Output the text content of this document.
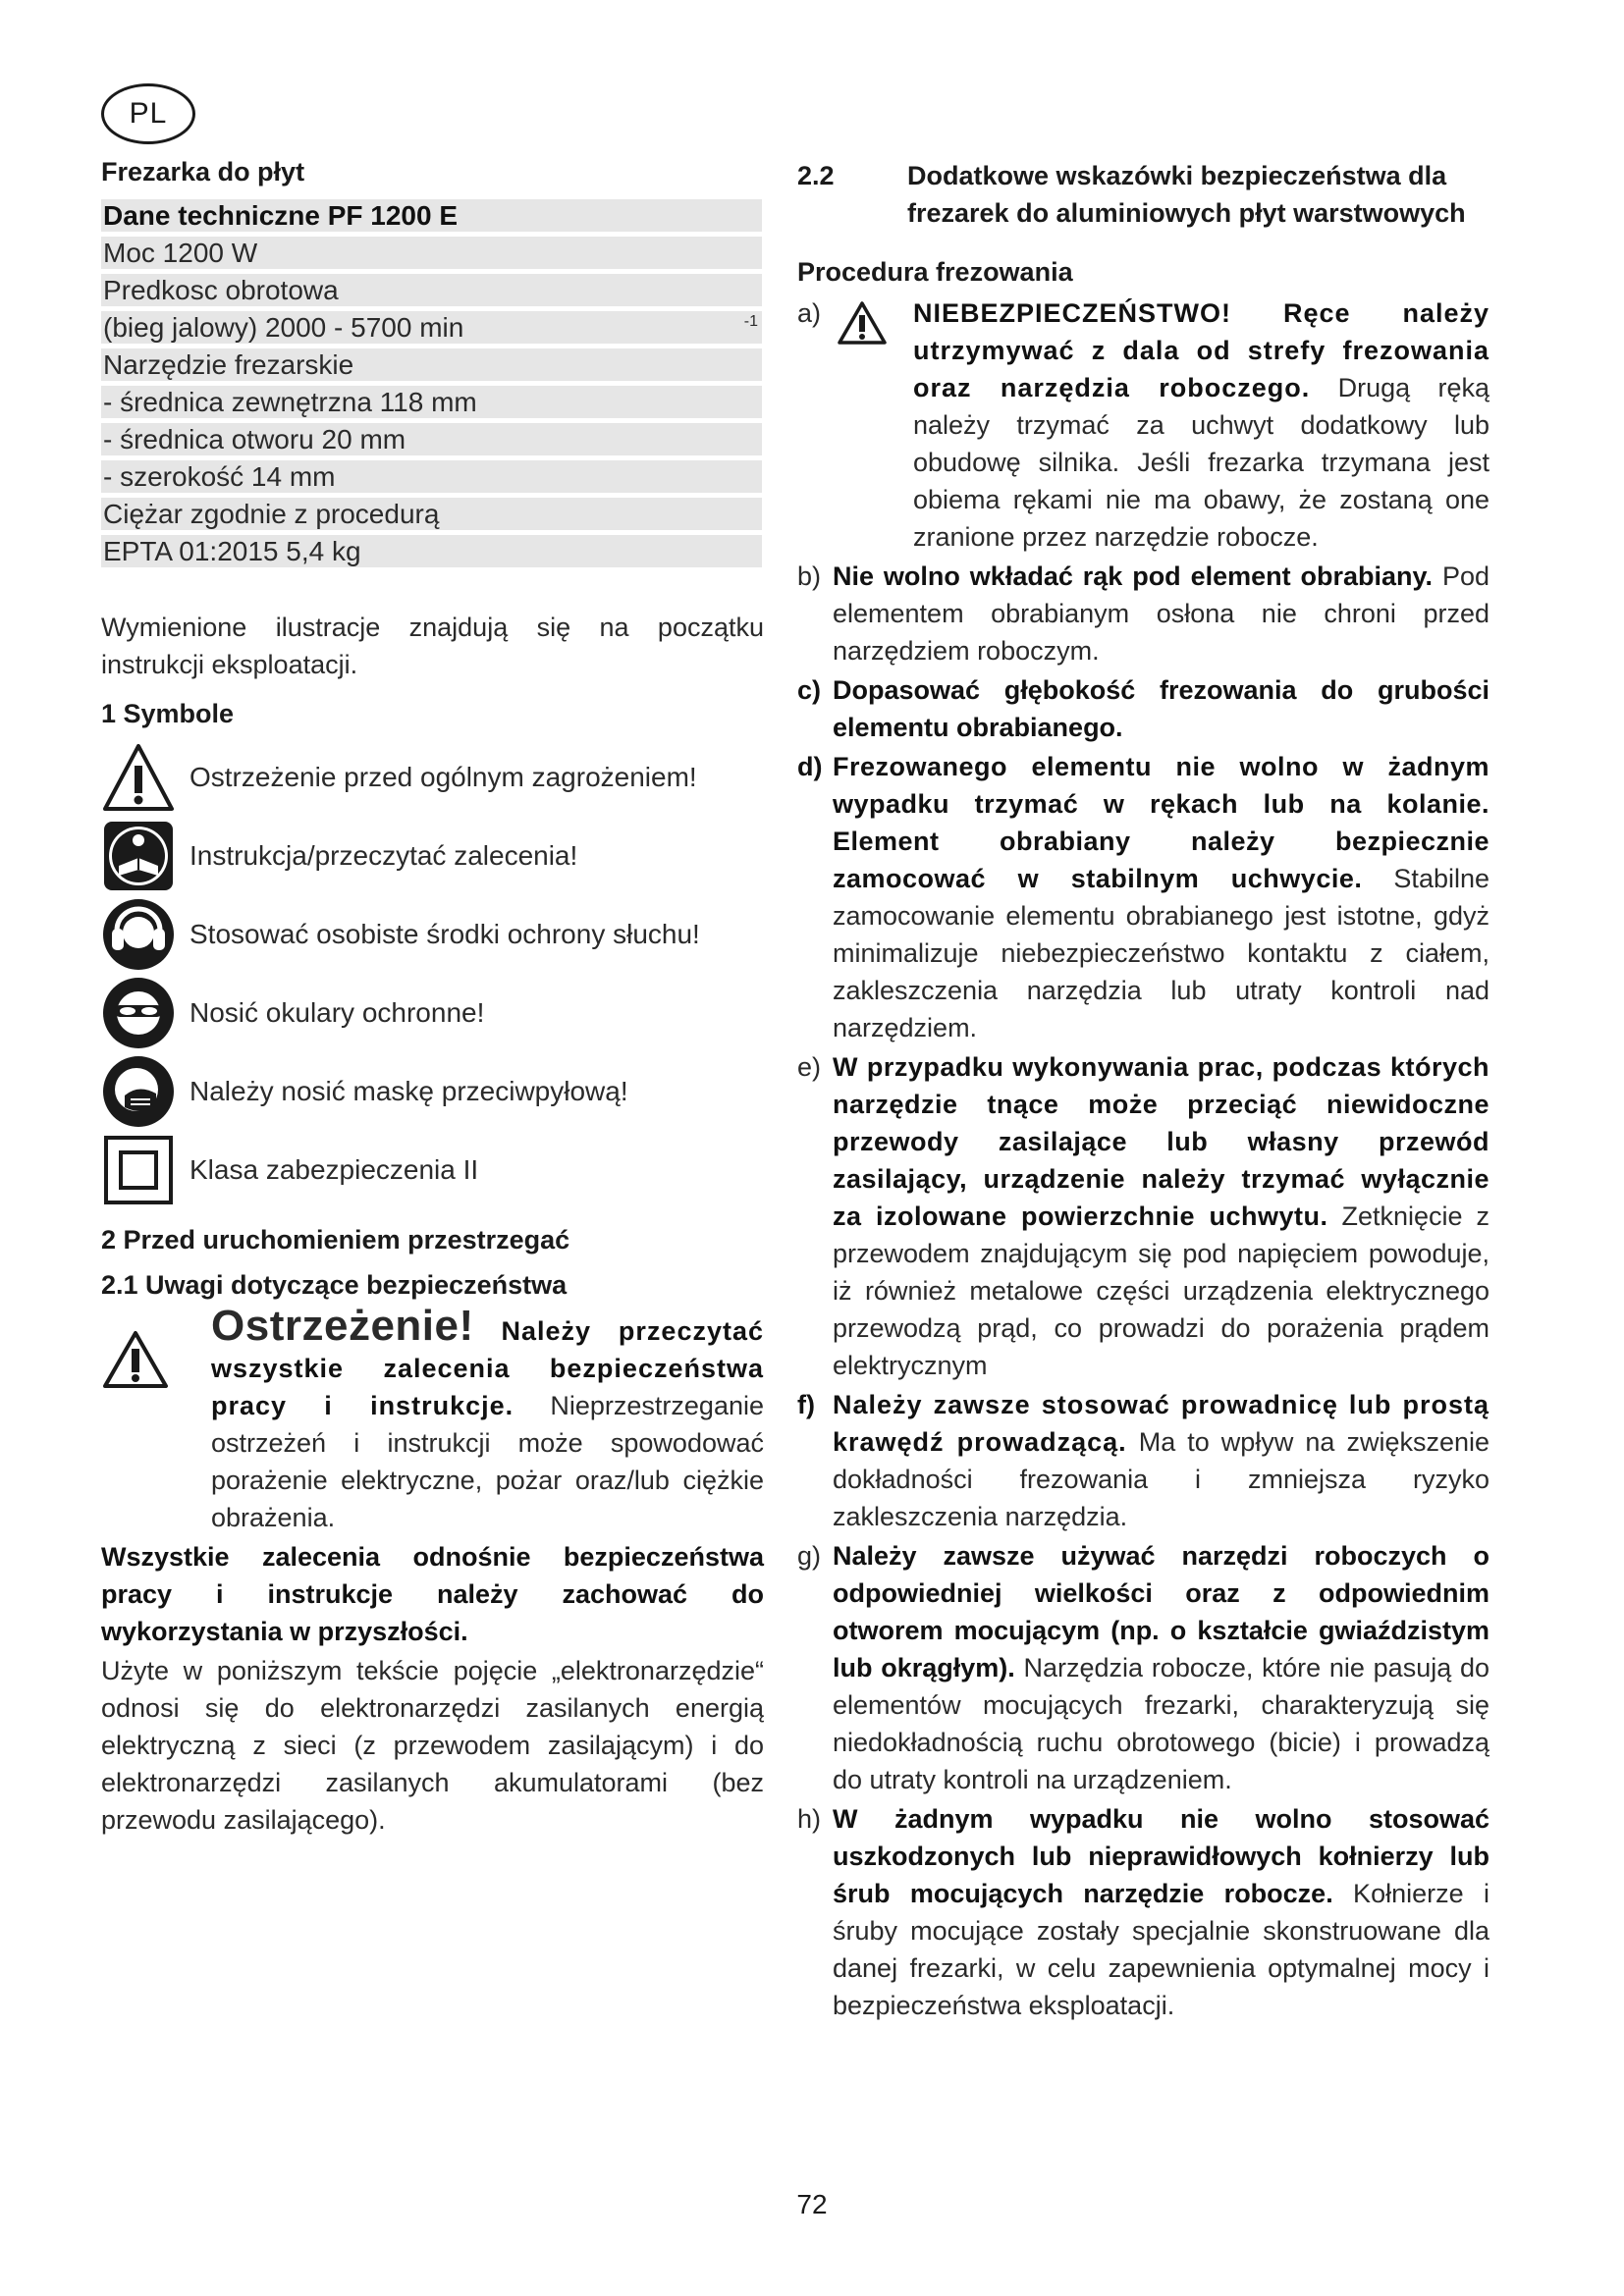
PL
Frezarka do płyt
Dane techniczne PF 1200 E
Moc 1200 W
Predkosc obrotowa
(bieg jalowy) 2000 - 5700 min	-1
Narzędzie frezarskie
- średnica zewnętrzna 118 mm
- średnica otworu 20 mm
- szerokość 14 mm
Ciężar zgodnie z procedurą
EPTA 01:2015 5,4 kg

Wymienione ilustracje znajdują się na początku instrukcji eksploatacji.

1 Symbole
Ostrzeżenie przed ogólnym zagrożeniem!
Instrukcja/przeczytać zalecenia!
Stosować osobiste środki ochrony słuchu!
Nosić okulary ochronne!
Należy nosić maskę przeciwpyłową!
Klasa zabezpieczenia II
2 Przed uruchomieniem przestrzegać
2.1 Uwagi dotyczące bezpieczeństwa

Ostrzeżenie! Należy przeczytać wszystkie zalecenia bezpieczeństwa pracy i instrukcje. Nieprzestrzeganie ostrzeżeń i instrukcji może spowodować porażenie elektryczne, pożar oraz/lub ciężkie obrażenia.

Wszystkie zalecenia odnośnie bezpieczeństwa pracy i instrukcje należy zachować do wykorzystania w przyszłości.

Użyte w poniższym tekście pojęcie „elektronarzędzie“ odnosi się do elektronarzędzi zasilanych energią elektryczną z sieci (z przewodem zasilającym) i do elektronarzędzi zasilanych akumulatorami (bez przewodu zasilającego).

2.2	Dodatkowe wskazówki bezpieczeństwa dla frezarek do aluminiowych płyt warstwowych
Procedura frezowania
a)	NIEBEZPIECZEŃSTWO! Ręce należy utrzymywać z dala od strefy frezowania oraz narzędzia roboczego. Drugą ręką należy trzymać za uchwyt dodatkowy lub obudowę silnika. Jeśli frezarka trzymana jest obiema rękami nie ma obawy, że zostaną one zranione przez narzędzie robocze.
b) Nie wolno wkładać rąk pod element obrabiany. Pod elementem obrabianym osłona nie chroni przed narzędziem roboczym.
c) Dopasować głębokość frezowania do grubości elementu obrabianego.
d) Frezowanego elementu nie wolno w żadnym wypadku trzymać w rękach lub na kolanie. Element obrabiany należy bezpiecznie zamocować w stabilnym uchwycie. Stabilne zamocowanie elementu obrabianego jest istotne, gdyż minimalizuje niebezpieczeństwo kontaktu z ciałem, zakleszczenia narzędzia lub utraty kontroli nad narzędziem.
e) W przypadku wykonywania prac, podczas których narzędzie tnące może przeciąć niewidoczne przewody zasilające lub własny przewód zasilający, urządzenie należy trzymać wyłącznie za izolowane powierzchnie uchwytu. Zetknięcie z przewodem znajdującym się pod napięciem powoduje, iż również metalowe części urządzenia elektrycznego przewodzą prąd, co prowadzi do porażenia prądem elektrycznym
f) Należy zawsze stosować prowadnicę lub prostą krawędź prowadzącą. Ma to wpływ na zwiększenie dokładności frezowania i zmniejsza ryzyko zakleszczenia narzędzia.
g) Należy zawsze używać narzędzi roboczych o odpowiedniej wielkości oraz z odpowiednim otworem mocującym (np. o kształcie gwiaździstym lub okrągłym). Narzędzia robocze, które nie pasują do elementów mocujących frezarki, charakteryzują się niedokładnością ruchu obrotowego (bicie) i prowadzą do utraty kontroli na urządzeniem.
h) W żadnym wypadku nie wolno stosować uszkodzonych lub nieprawidłowych kołnierzy lub śrub mocujących narzędzie robocze. Kołnierze i śruby mocujące zostały specjalnie skonstruowane dla danej frezarki, w celu zapewnienia optymalnej mocy i bezpieczeństwa eksploatacji.
72
